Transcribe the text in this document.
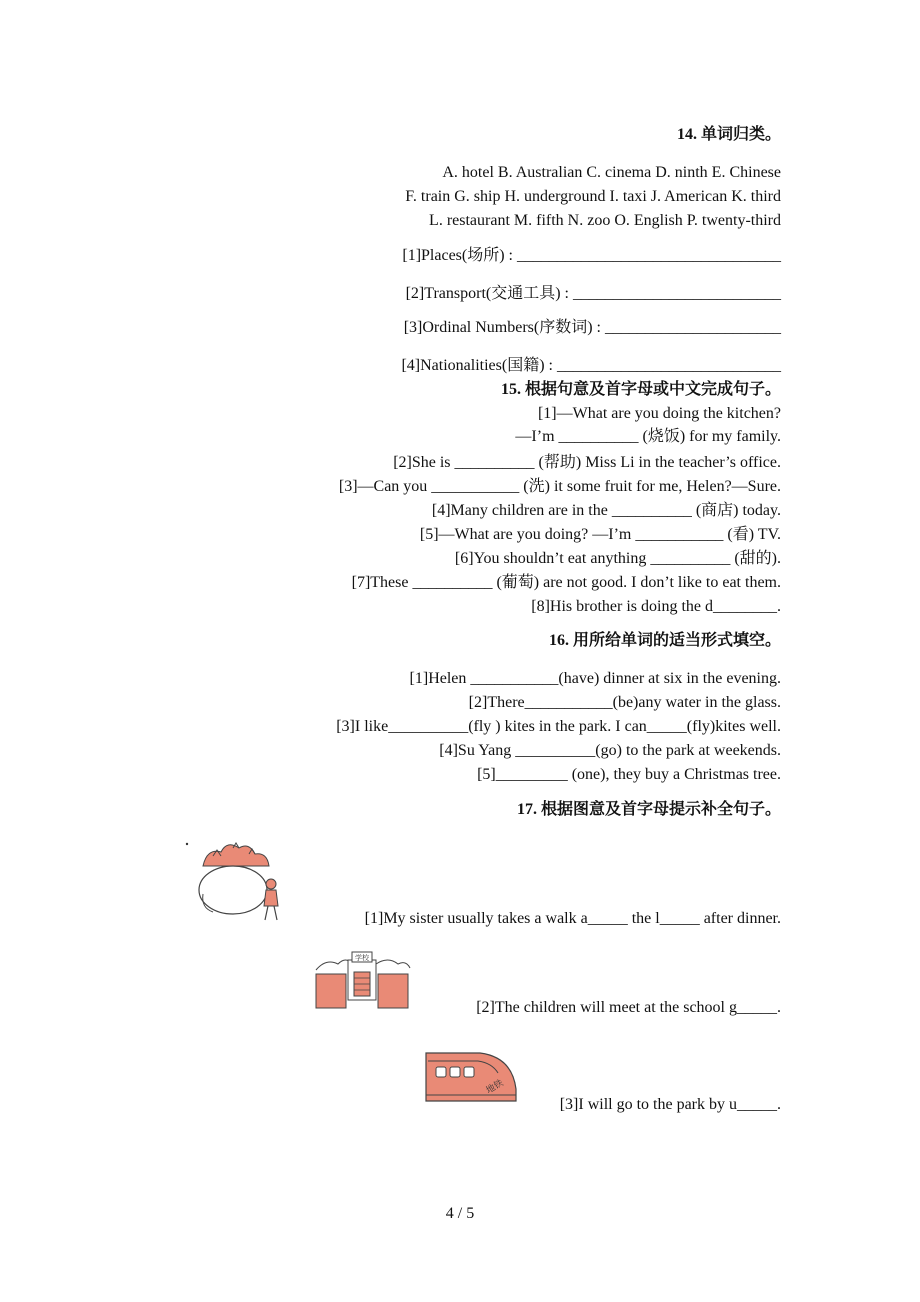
14. 单词归类。
A. hotel B. Australian C. cinema D. ninth E. Chinese
F. train G. ship H. underground I. taxi J. American K. third
L. restaurant M. fifth N. zoo O. English P. twenty-third
[1]Places(场所) : _________________________________
[2]Transport(交通工具) : __________________________
[3]Ordinal Numbers(序数词) : ______________________
[4]Nationalities(国籍) : ____________________________
15. 根据句意及首字母或中文完成句子。
[1]—What are you doing the kitchen?
—I’m __________ (烧饭) for my family.
[2]She is __________ (帮助) Miss Li in the teacher’s office.
[3]—Can you ___________ (洗) it some fruit for me, Helen?—Sure.
[4]Many children are in the __________ (商店) today.
[5]—What are you doing? —I’m ___________ (看) TV.
[6]You shouldn’t eat anything __________ (甜的).
[7]These __________ (葡萄) are not good. I don’t like to eat them.
[8]His brother is doing the d________.
16. 用所给单词的适当形式填空。
[1]Helen ___________(have) dinner at six in the evening.
[2]There___________(be)any water in the glass.
[3]I like__________(fly ) kites in the park. I can_____(fly)kites well.
[4]Su Yang __________(go) to the park at weekends.
[5]_________ (one), they buy a Christmas tree.
17. 根据图意及首字母提示补全句子。
[1]My sister usually takes a walk a_____ the l_____ after dinner.
学校
[2]The children will meet at the school g_____.
地铁
[3]I will go to the park by u_____.
4 / 5
